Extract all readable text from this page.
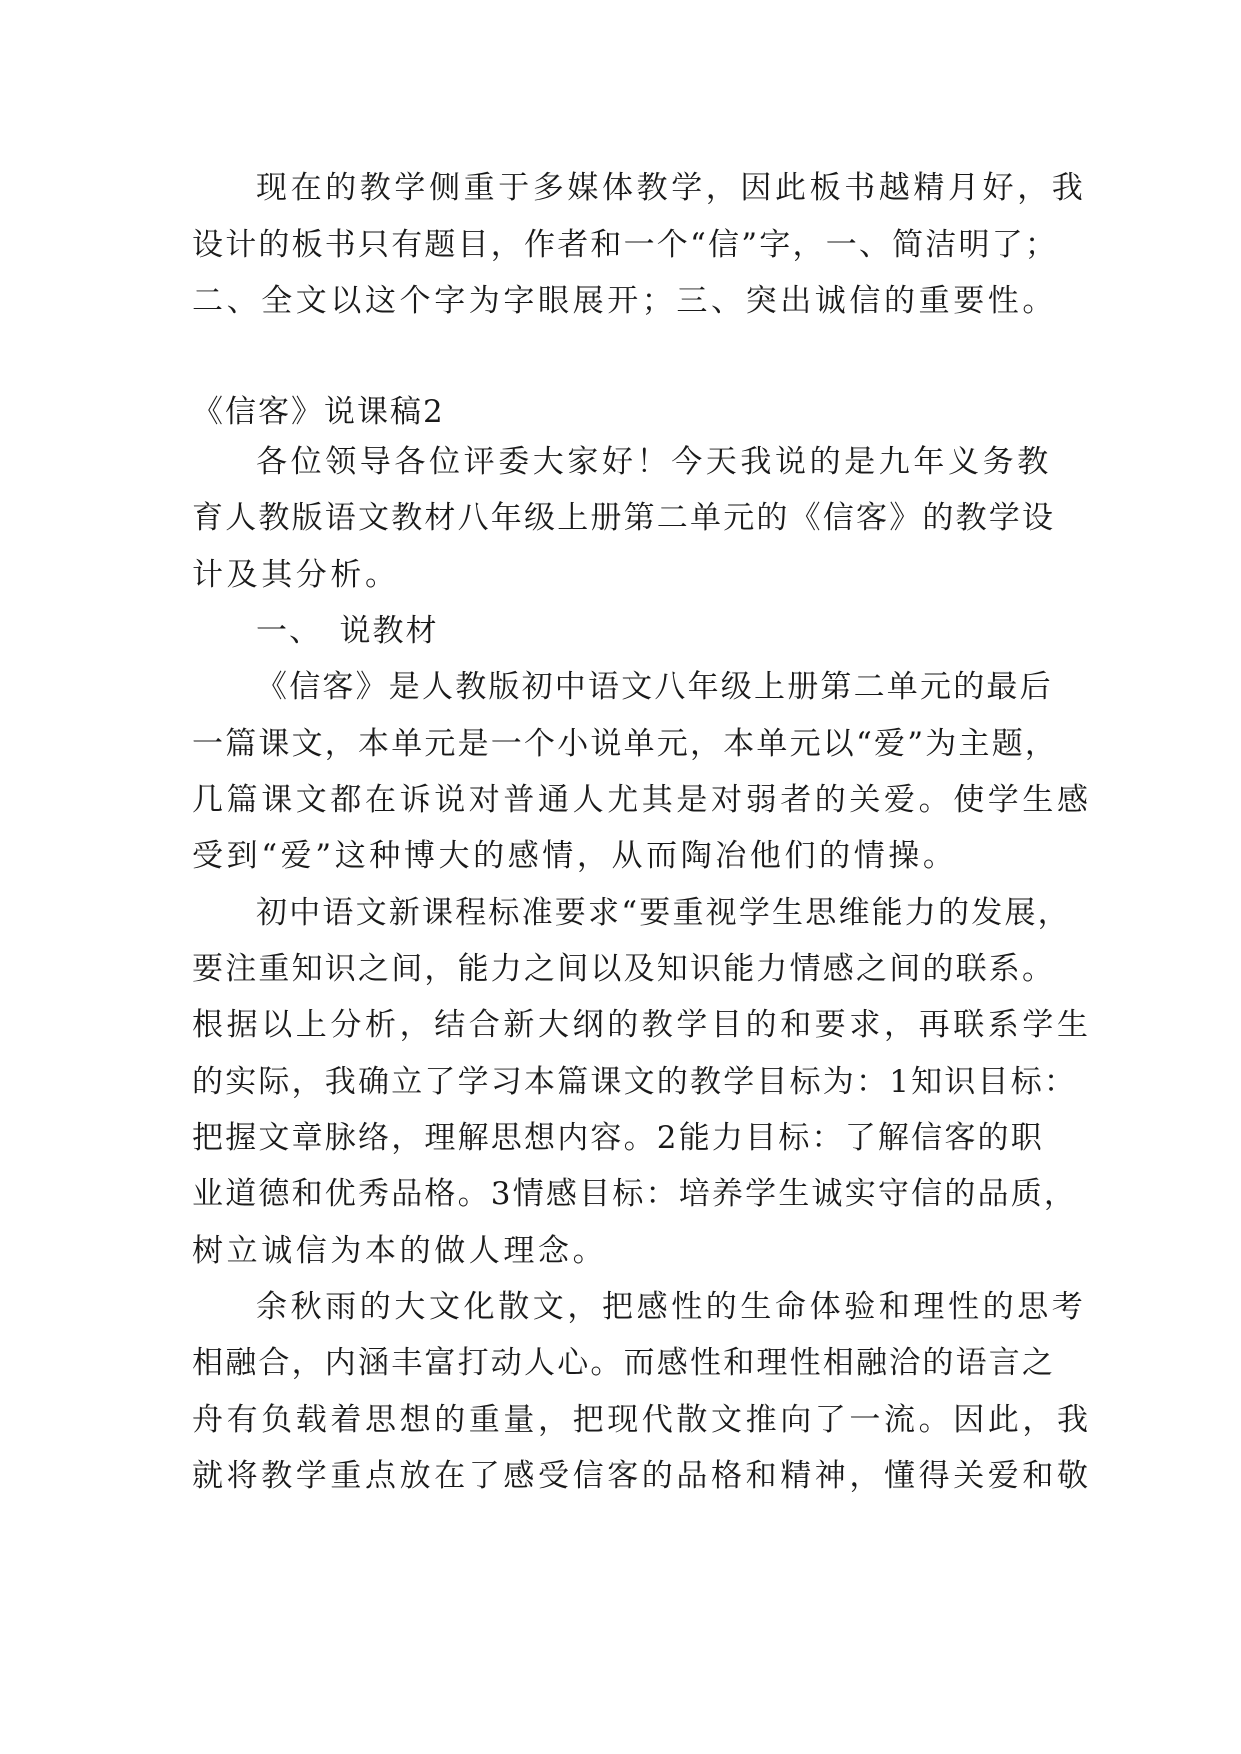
现在的教学侧重于多媒体教学，因此板书越精月好，我
设计的板书只有题目，作者和一个“信”字，一、简洁明了；
二、全文以这个字为字眼展开；三、突出诚信的重要性。
《信客》说课稿2
各位领导各位评委大家好！今天我说的是九年义务教
育人教版语文教材八年级上册第二单元的《信客》的教学设
计及其分析。
一、　说教材
《信客》是人教版初中语文八年级上册第二单元的最后
一篇课文，本单元是一个小说单元，本单元以“爱”为主题，
几篇课文都在诉说对普通人尤其是对弱者的关爱。使学生感
受到“爱”这种博大的感情，从而陶冶他们的情操。
初中语文新课程标准要求“要重视学生思维能力的发展，
要注重知识之间，能力之间以及知识能力情感之间的联系。
根据以上分析，结合新大纲的教学目的和要求，再联系学生
的实际，我确立了学习本篇课文的教学目标为：1知识目标：
把握文章脉络，理解思想内容。2能力目标：了解信客的职
业道德和优秀品格。3情感目标：培养学生诚实守信的品质，
树立诚信为本的做人理念。
余秋雨的大文化散文，把感性的生命体验和理性的思考
相融合，内涵丰富打动人心。而感性和理性相融洽的语言之
舟有负载着思想的重量，把现代散文推向了一流。因此，我
就将教学重点放在了感受信客的品格和精神，懂得关爱和敬
